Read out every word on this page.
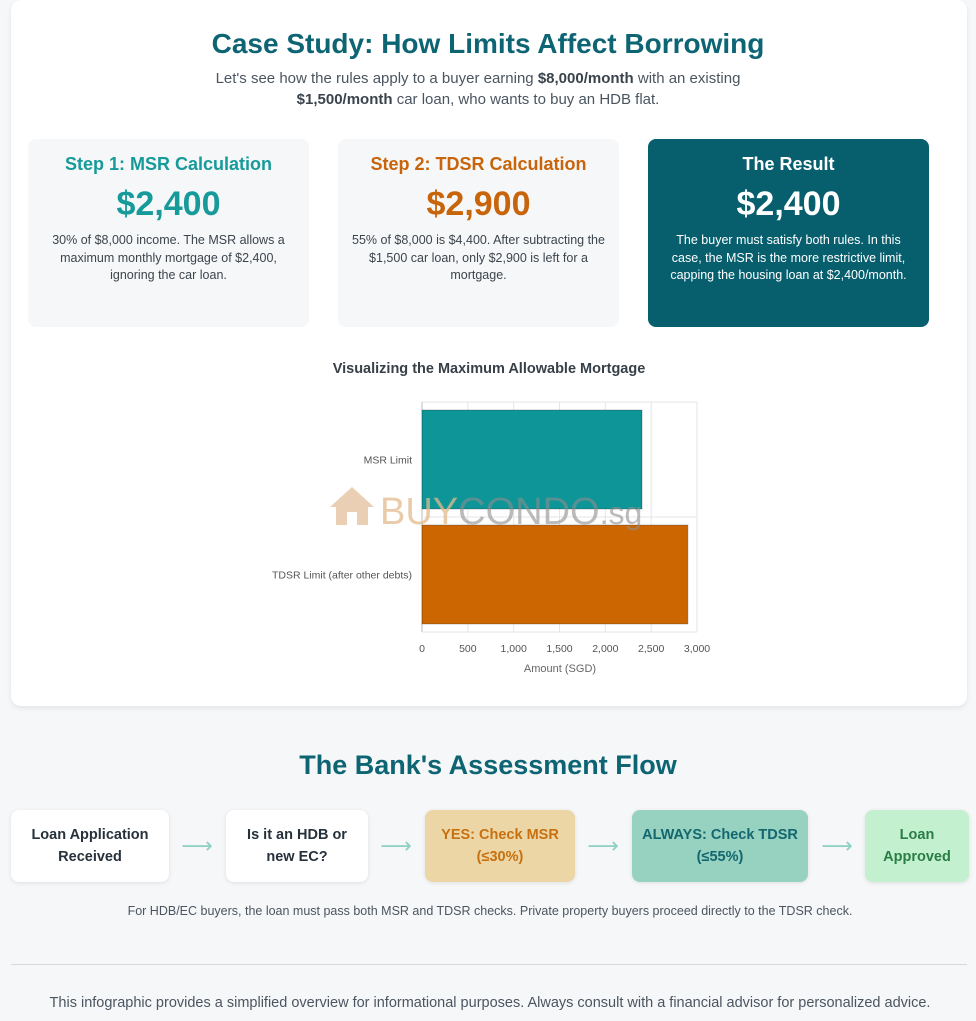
Case Study: How Limits Affect Borrowing

Let's see how the rules apply to a buyer earning $8,000/month with an existing
$1,500/month car loan, who wants to buy an HDB flat.

Step 1: MSR Calculation
$2,400
30% of $8,000 income. The MSR allows a maximum monthly mortgage of $2,400, ignoring the car loan.
Step 2: TDSR Calculation
$2,900
55% of $8,000 is $4,400. After subtracting the $1,500 car loan, only $2,900 is left for a mortgage.
The Result
$2,400
The buyer must satisfy both rules. In this case, the MSR is the more restrictive limit, capping the housing loan at $2,400/month.
Visualizing the Maximum Allowable Mortgage
MSR Limit
TDSR Limit (after other debts)
0	500 1,000 1,500 2,000 2,500 3,000
Amount (SGD)
BUYCONDO.sg
The Bank's Assessment Flow
Loan Application Received	⟶	Is it an HDB or new EC?	⟶	YES: Check MSR (≤30%)	⟶	ALWAYS: Check TDSR (≤55%)	⟶	Loan Approved

For HDB/EC buyers, the loan must pass both MSR and TDSR checks. Private property buyers proceed directly to the TDSR check.

This infographic provides a simplified overview for informational purposes. Always consult with a financial advisor for personalized advice.
